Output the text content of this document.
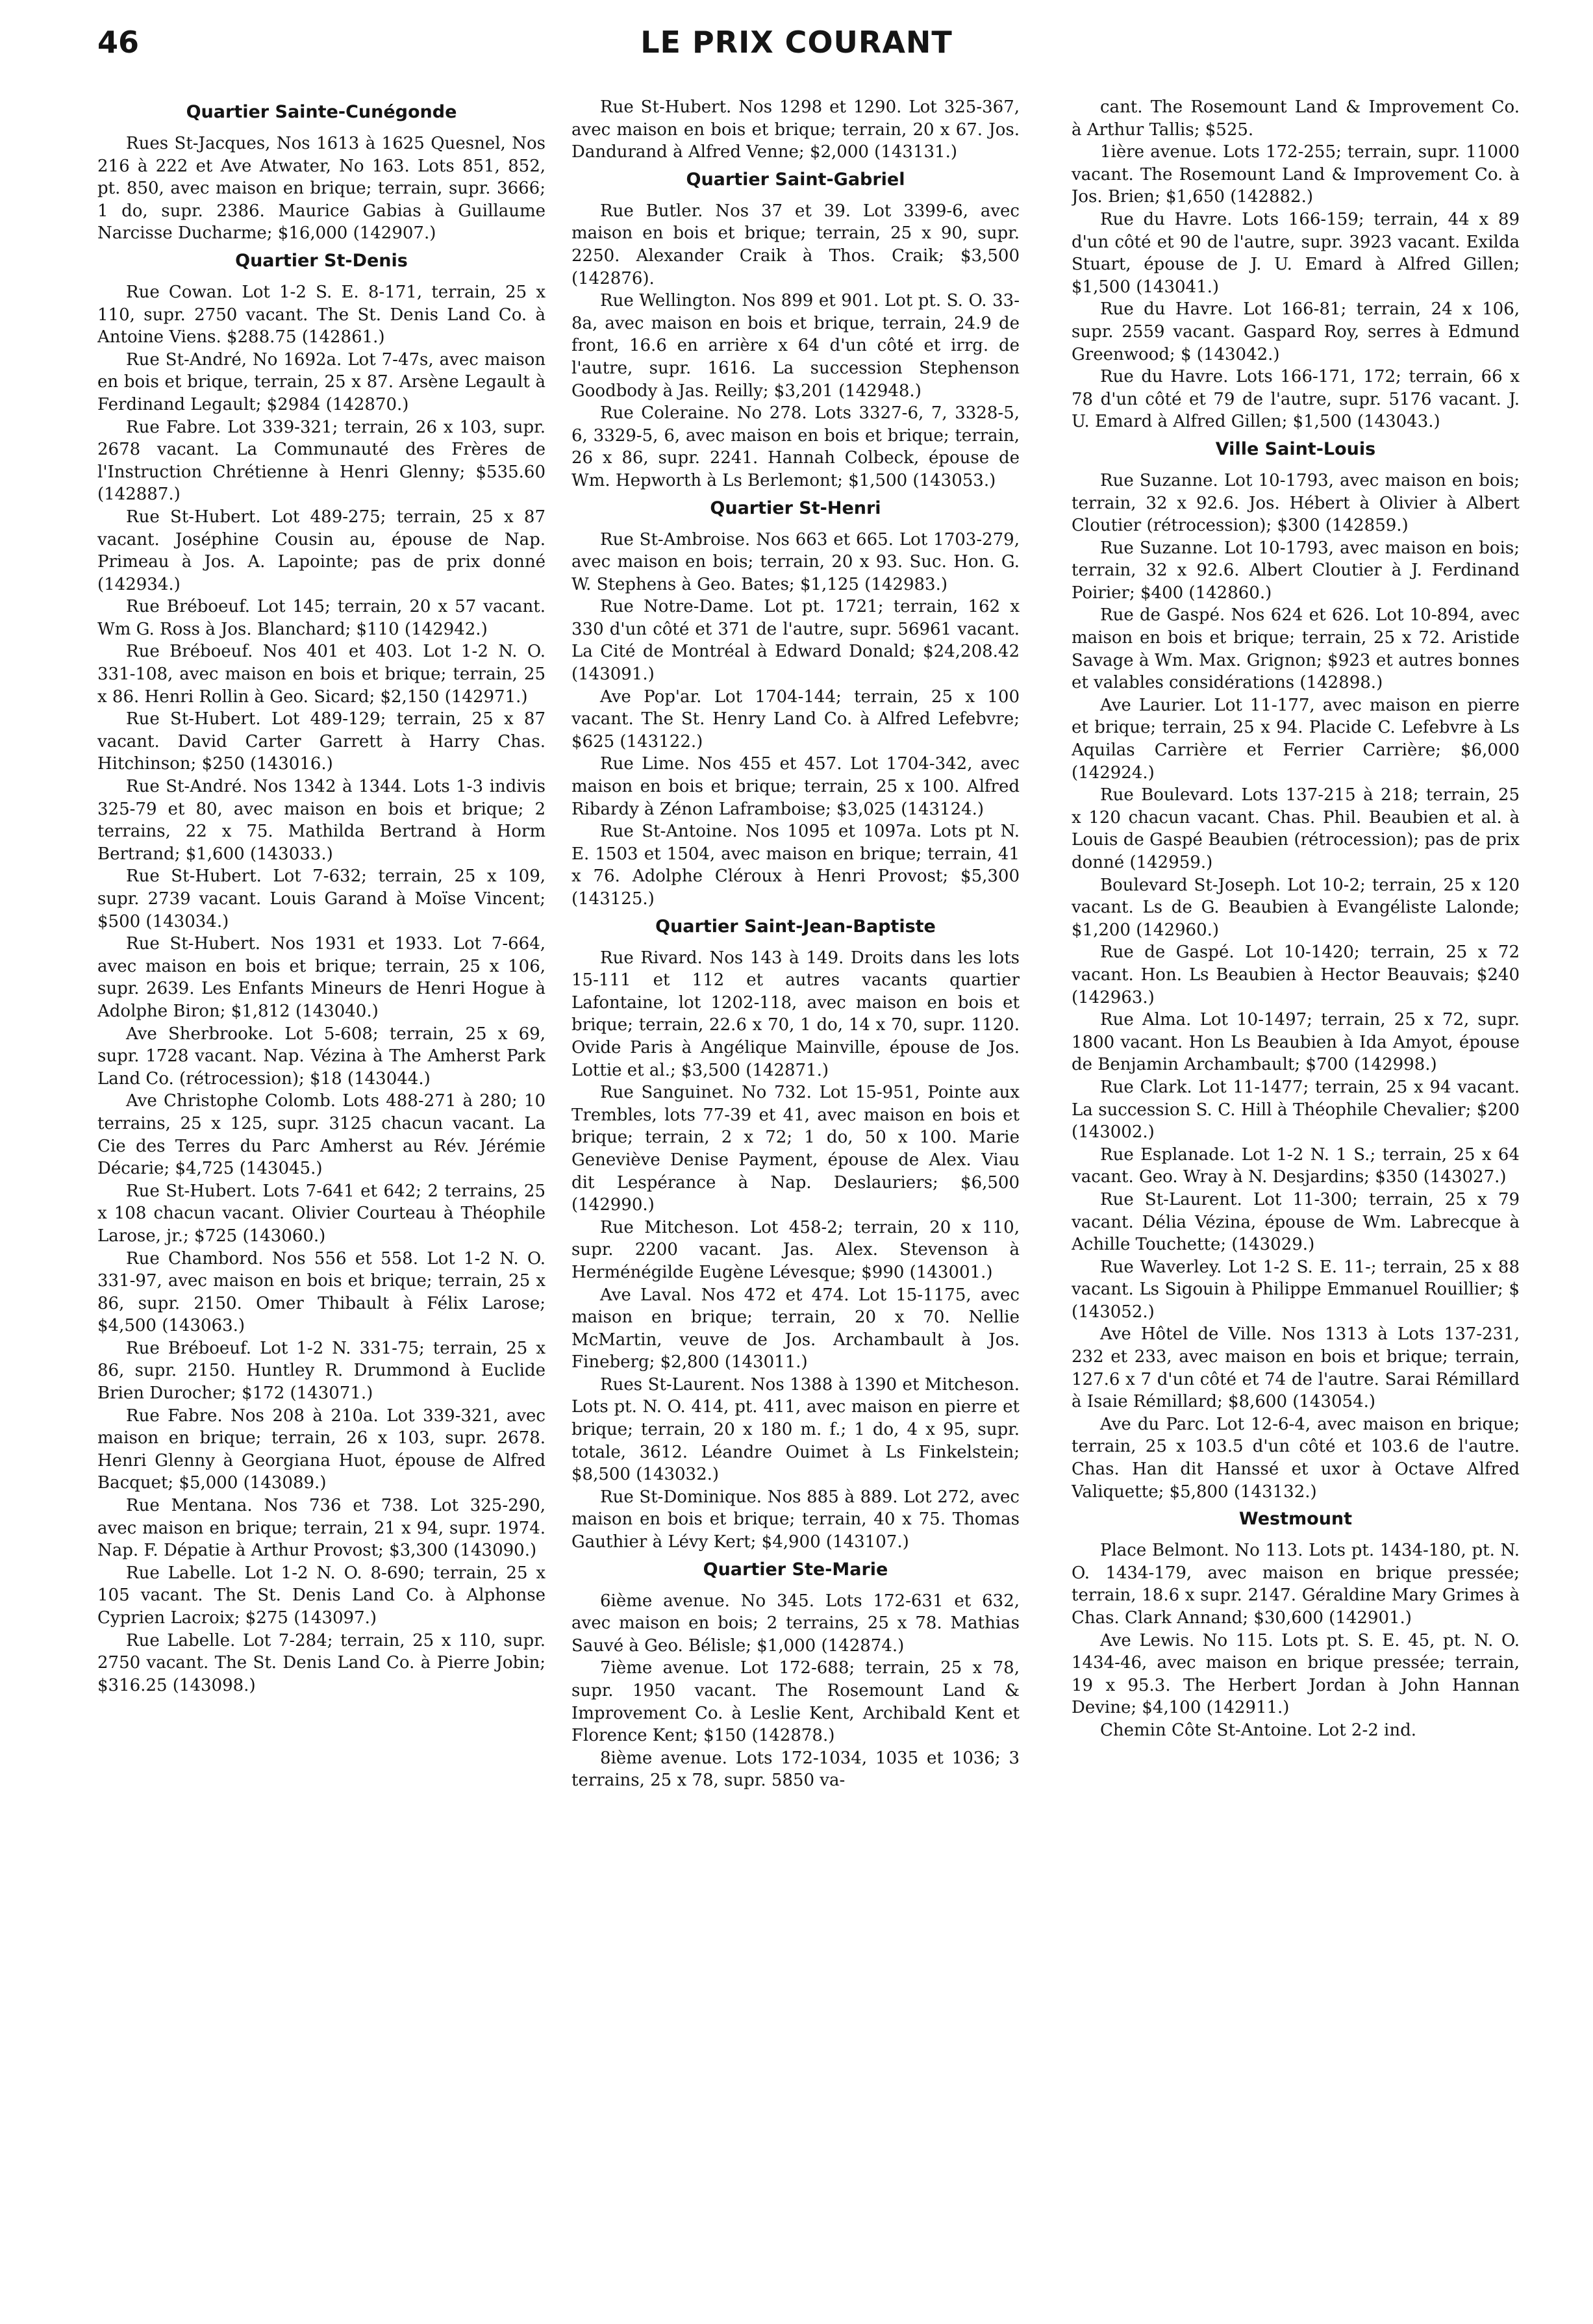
46	LE PRIX COURANT
Quartier Sainte-Cunégonde

Rues St-Jacques, Nos 1613 à 1625 Quesnel, Nos 216 à 222 et Ave Atwater, No 163. Lots 851, 852, pt. 850, avec maison en brique; terrain, supr. 3666; 1 do, supr. 2386. Maurice Gabias à Guillaume Narcisse Ducharme; $16,000 (142907.)

Quartier St-Denis

Rue Cowan. Lot 1-2 S. E. 8-171, terrain, 25 x 110, supr. 2750 vacant. The St. Denis Land Co. à Antoine Viens. $288.75 (142861.)

Rue St-André, No 1692a. Lot 7-47s, avec maison en bois et brique, terrain, 25 x 87. Arsène Legault à Ferdinand Legault; $2984 (142870.)

Rue Fabre. Lot 339-321; terrain, 26 x 103, supr. 2678 vacant. La Communauté des Frères de l'Instruction Chrétienne à Henri Glenny; $535.60 (142887.)

Rue St-Hubert. Lot 489-275; terrain, 25 x 87 vacant. Joséphine Cousin au, épouse de Nap. Primeau à Jos. A. Lapointe; pas de prix donné (142934.)

Rue Bréboeuf. Lot 145; terrain, 20 x 57 vacant. Wm G. Ross à Jos. Blanchard; $110 (142942.)

Rue Bréboeuf. Nos 401 et 403. Lot 1-2 N. O. 331-108, avec maison en bois et brique; terrain, 25 x 86. Henri Rollin à Geo. Sicard; $2,150 (142971.)

Rue St-Hubert. Lot 489-129; terrain, 25 x 87 vacant. David Carter Garrett à Harry Chas. Hitchinson; $250 (143016.)

Rue St-André. Nos 1342 à 1344. Lots 1-3 indivis 325-79 et 80, avec maison en bois et brique; 2 terrains, 22 x 75. Mathilda Bertrand à Horm Bertrand; $1,600 (143033.)

Rue St-Hubert. Lot 7-632; terrain, 25 x 109, supr. 2739 vacant. Louis Garand à Moïse Vincent; $500 (143034.)

Rue St-Hubert. Nos 1931 et 1933. Lot 7-664, avec maison en bois et brique; terrain, 25 x 106, supr. 2639. Les Enfants Mineurs de Henri Hogue à Adolphe Biron; $1,812 (143040.)

Ave Sherbrooke. Lot 5-608; terrain, 25 x 69, supr. 1728 vacant. Nap. Vézina à The Amherst Park Land Co. (rétrocession); $18 (143044.)

Ave Christophe Colomb. Lots 488-271 à 280; 10 terrains, 25 x 125, supr. 3125 chacun vacant. La Cie des Terres du Parc Amherst au Rév. Jérémie Décarie; $4,725 (143045.)

Rue St-Hubert. Lots 7-641 et 642; 2 terrains, 25 x 108 chacun vacant. Olivier Courteau à Théophile Larose, jr.; $725 (143060.)

Rue Chambord. Nos 556 et 558. Lot 1-2 N. O. 331-97, avec maison en bois et brique; terrain, 25 x 86, supr. 2150. Omer Thibault à Félix Larose; $4,500 (143063.)

Rue Bréboeuf. Lot 1-2 N. 331-75; terrain, 25 x 86, supr. 2150. Huntley R. Drummond à Euclide Brien Durocher; $172 (143071.)

Rue Fabre. Nos 208 à 210a. Lot 339-321, avec maison en brique; terrain, 26 x 103, supr. 2678. Henri Glenny à Georgiana Huot, épouse de Alfred Bacquet; $5,000 (143089.)

Rue Mentana. Nos 736 et 738. Lot 325-290, avec maison en brique; terrain, 21 x 94, supr. 1974. Nap. F. Dépatie à Arthur Provost; $3,300 (143090.)

Rue Labelle. Lot 1-2 N. O. 8-690; terrain, 25 x 105 vacant. The St. Denis Land Co. à Alphonse Cyprien Lacroix; $275 (143097.)

Rue Labelle. Lot 7-284; terrain, 25 x 110, supr. 2750 vacant. The St. Denis Land Co. à Pierre Jobin; $316.25 (143098.)

Rue St-Hubert. Nos 1298 et 1290. Lot 325-367, avec maison en bois et brique; terrain, 20 x 67. Jos. Dandurand à Alfred Venne; $2,000 (143131.)

Quartier Saint-Gabriel

Rue Butler. Nos 37 et 39. Lot 3399-6, avec maison en bois et brique; terrain, 25 x 90, supr. 2250. Alexander Craik à Thos. Craik; $3,500 (142876).

Rue Wellington. Nos 899 et 901. Lot pt. S. O. 33-8a, avec maison en bois et brique, terrain, 24.9 de front, 16.6 en arrière x 64 d'un côté et irrg. de l'autre, supr. 1616. La succession Stephenson Goodbody à Jas. Reilly; $3,201 (142948.)

Rue Coleraine. No 278. Lots 3327-6, 7, 3328-5, 6, 3329-5, 6, avec maison en bois et brique; terrain, 26 x 86, supr. 2241. Hannah Colbeck, épouse de Wm. Hepworth à Ls Berlemont; $1,500 (143053.)

Quartier St-Henri

Rue St-Ambroise. Nos 663 et 665. Lot 1703-279, avec maison en bois; terrain, 20 x 93. Suc. Hon. G. W. Stephens à Geo. Bates; $1,125 (142983.)

Rue Notre-Dame. Lot pt. 1721; terrain, 162 x 330 d'un côté et 371 de l'autre, supr. 56961 vacant. La Cité de Montréal à Edward Donald; $24,208.42 (143091.)

Ave Pop'ar. Lot 1704-144; terrain, 25 x 100 vacant. The St. Henry Land Co. à Alfred Lefebvre; $625 (143122.)

Rue Lime. Nos 455 et 457. Lot 1704-342, avec maison en bois et brique; terrain, 25 x 100. Alfred Ribardy à Zénon Laframboise; $3,025 (143124.)

Rue St-Antoine. Nos 1095 et 1097a. Lots pt N. E. 1503 et 1504, avec maison en brique; terrain, 41 x 76. Adolphe Cléroux à Henri Provost; $5,300 (143125.)

Quartier Saint-Jean-Baptiste

Rue Rivard. Nos 143 à 149. Droits dans les lots 15-111 et 112 et autres vacants quartier Lafontaine, lot 1202-118, avec maison en bois et brique; terrain, 22.6 x 70, 1 do, 14 x 70, supr. 1120. Ovide Paris à Angélique Mainville, épouse de Jos. Lottie et al.; $3,500 (142871.)

Rue Sanguinet. No 732. Lot 15-951, Pointe aux Trembles, lots 77-39 et 41, avec maison en bois et brique; terrain, 2 x 72; 1 do, 50 x 100. Marie Geneviève Denise Payment, épouse de Alex. Viau dit Lespérance à Nap. Deslauriers; $6,500 (142990.)

Rue Mitcheson. Lot 458-2; terrain, 20 x 110, supr. 2200 vacant. Jas. Alex. Stevenson à Herménégilde Eugène Lévesque; $990 (143001.)

Ave Laval. Nos 472 et 474. Lot 15-1175, avec maison en brique; terrain, 20 x 70. Nellie McMartin, veuve de Jos. Archambault à Jos. Fineberg; $2,800 (143011.)

Rues St-Laurent. Nos 1388 à 1390 et Mitcheson. Lots pt. N. O. 414, pt. 411, avec maison en pierre et brique; terrain, 20 x 180 m. f.; 1 do, 4 x 95, supr. totale, 3612. Léandre Ouimet à Ls Finkelstein; $8,500 (143032.)

Rue St-Dominique. Nos 885 à 889. Lot 272, avec maison en bois et brique; terrain, 40 x 75. Thomas Gauthier à Lévy Kert; $4,900 (143107.)

Quartier Ste-Marie

6ième avenue. No 345. Lots 172-631 et 632, avec maison en bois; 2 terrains, 25 x 78. Mathias Sauvé à Geo. Bélisle; $1,000 (142874.)

7ième avenue. Lot 172-688; terrain, 25 x 78, supr. 1950 vacant. The Rosemount Land & Improvement Co. à Leslie Kent, Archibald Kent et Florence Kent; $150 (142878.)

8ième avenue. Lots 172-1034, 1035 et 1036; 3 terrains, 25 x 78, supr. 5850 va-

cant. The Rosemount Land & Improvement Co. à Arthur Tallis; $525.

1ière avenue. Lots 172-255; terrain, supr. 11000 vacant. The Rosemount Land & Improvement Co. à Jos. Brien; $1,650 (142882.)

Rue du Havre. Lots 166-159; terrain, 44 x 89 d'un côté et 90 de l'autre, supr. 3923 vacant. Exilda Stuart, épouse de J. U. Emard à Alfred Gillen; $1,500 (143041.)

Rue du Havre. Lot 166-81; terrain, 24 x 106, supr. 2559 vacant. Gaspard Roy, serres à Edmund Greenwood; $ (143042.)

Rue du Havre. Lots 166-171, 172; terrain, 66 x 78 d'un côté et 79 de l'autre, supr. 5176 vacant. J. U. Emard à Alfred Gillen; $1,500 (143043.)

Ville Saint-Louis

Rue Suzanne. Lot 10-1793, avec maison en bois; terrain, 32 x 92.6. Jos. Hébert à Olivier à Albert Cloutier (rétrocession); $300 (142859.)

Rue Suzanne. Lot 10-1793, avec maison en bois; terrain, 32 x 92.6. Albert Cloutier à J. Ferdinand Poirier; $400 (142860.)

Rue de Gaspé. Nos 624 et 626. Lot 10-894, avec maison en bois et brique; terrain, 25 x 72. Aristide Savage à Wm. Max. Grignon; $923 et autres bonnes et valables considérations (142898.)

Ave Laurier. Lot 11-177, avec maison en pierre et brique; terrain, 25 x 94. Placide C. Lefebvre à Ls Aquilas Carrière et Ferrier Carrière; $6,000 (142924.)

Rue Boulevard. Lots 137-215 à 218; terrain, 25 x 120 chacun vacant. Chas. Phil. Beaubien et al. à Louis de Gaspé Beaubien (rétrocession); pas de prix donné (142959.)

Boulevard St-Joseph. Lot 10-2; terrain, 25 x 120 vacant. Ls de G. Beaubien à Evangéliste Lalonde; $1,200 (142960.)

Rue de Gaspé. Lot 10-1420; terrain, 25 x 72 vacant. Hon. Ls Beaubien à Hector Beauvais; $240 (142963.)

Rue Alma. Lot 10-1497; terrain, 25 x 72, supr. 1800 vacant. Hon Ls Beaubien à Ida Amyot, épouse de Benjamin Archambault; $700 (142998.)

Rue Clark. Lot 11-1477; terrain, 25 x 94 vacant. La succession S. C. Hill à Théophile Chevalier; $200 (143002.)

Rue Esplanade. Lot 1-2 N. 1 S.; terrain, 25 x 64 vacant. Geo. Wray à N. Desjardins; $350 (143027.)

Rue St-Laurent. Lot 11-300; terrain, 25 x 79 vacant. Délia Vézina, épouse de Wm. Labrecque à Achille Touchette; (143029.)

Rue Waverley. Lot 1-2 S. E. 11-; terrain, 25 x 88 vacant. Ls Sigouin à Philippe Emmanuel Rouillier; $ (143052.)

Ave Hôtel de Ville. Nos 1313 à Lots 137-231, 232 et 233, avec maison en bois et brique; terrain, 127.6 x 7 d'un côté et 74 de l'autre. Sarai Rémillard à Isaie Rémillard; $8,600 (143054.)

Ave du Parc. Lot 12-6-4, avec maison en brique; terrain, 25 x 103.5 d'un côté et 103.6 de l'autre. Chas. Han dit Hanssé et uxor à Octave Alfred Valiquette; $5,800 (143132.)

Westmount

Place Belmont. No 113. Lots pt. 1434-180, pt. N. O. 1434-179, avec maison en brique pressée; terrain, 18.6 x supr. 2147. Géraldine Mary Grimes à Chas. Clark Annand; $30,600 (142901.)

Ave Lewis. No 115. Lots pt. S. E. 45, pt. N. O. 1434-46, avec maison en brique pressée; terrain, 19 x 95.3. The Herbert Jordan à John Hannan Devine; $4,100 (142911.)

Chemin Côte St-Antoine. Lot 2-2 ind.
